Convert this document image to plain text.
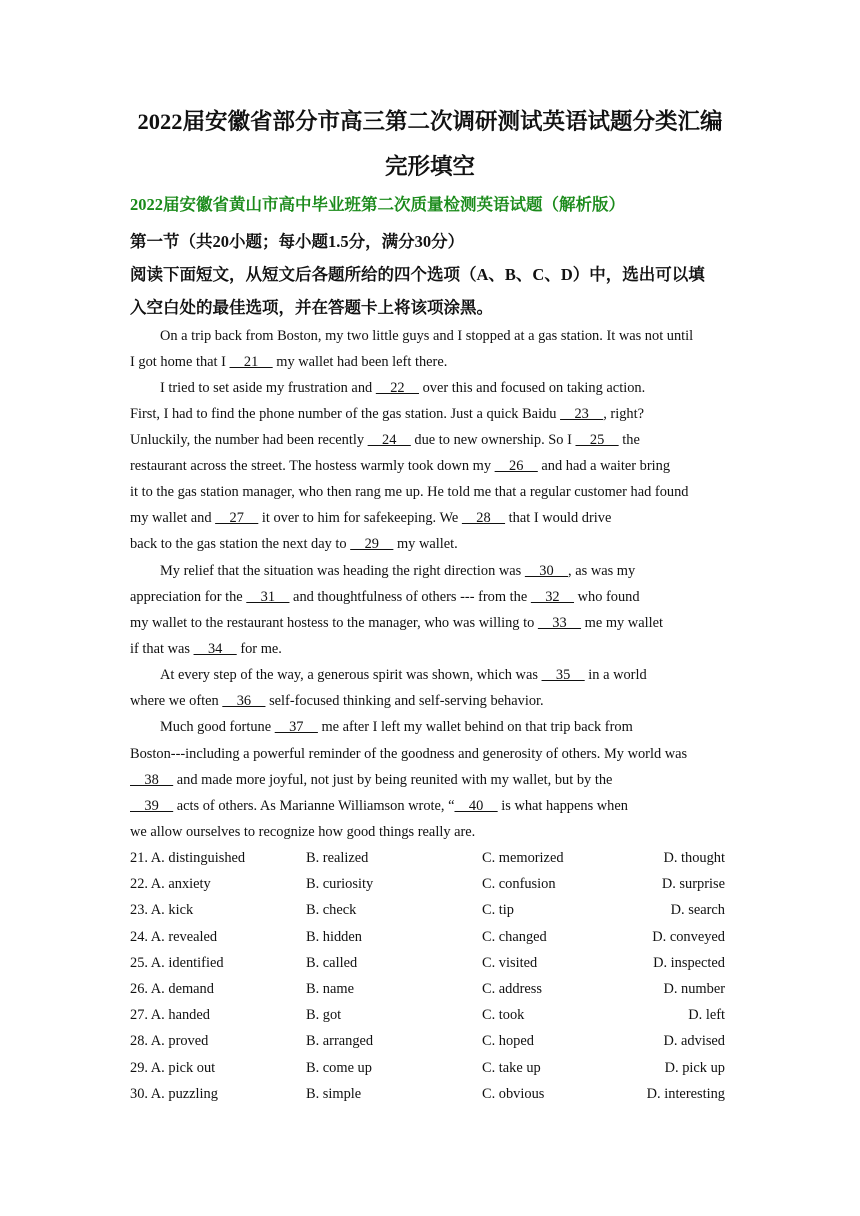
2022届安徽省部分市高三第二次调研测试英语试题分类汇编
完形填空
2022届安徽省黄山市高中毕业班第二次质量检测英语试题（解析版）
第一节（共20小题；每小题1.5分，满分30分）
阅读下面短文，从短文后各题所给的四个选项（A、B、C、D）中，选出可以填
入空白处的最佳选项，并在答题卡上将该项涂黑。
On a trip back from Boston, my two little guys and I stopped at a gas station. It was not until
I got home that I     21     my wallet had been left there.
I tried to set aside my frustration and     22     over this and focused on taking action.
First, I had to find the phone number of the gas station. Just a quick Baidu     23    , right?
Unluckily, the number had been recently     24     due to new ownership. So I     25     the
restaurant across the street. The hostess warmly took down my     26     and had a waiter bring
it to the gas station manager, who then rang me up. He told me that a regular customer had found
my wallet and     27     it over to him for safekeeping. We     28     that I would drive
back to the gas station the next day to     29     my wallet.
My relief that the situation was heading the right direction was     30    , as was my
appreciation for the     31     and thoughtfulness of others --- from the     32     who found
my wallet to the restaurant hostess to the manager, who was willing to     33     me my wallet
if that was     34     for me.
At every step of the way, a generous spirit was shown, which was     35     in a world
where we often     36     self-focused thinking and self-serving behavior.
Much good fortune     37     me after I left my wallet behind on that trip back from
Boston---including a powerful reminder of the goodness and generosity of others. My world was
38     and made more joyful, not just by being reunited with my wallet, but by the
39     acts of others. As Marianne Williamson wrote, “    40     is what happens when
we allow ourselves to recognize how good things really are.
21. A. distinguished	B. realized	C. memorized	D. thought
22. A. anxiety	B. curiosity	C. confusion	D. surprise
23. A. kick	B. check	C. tip	D. search
24. A. revealed	B. hidden	C. changed	D. conveyed
25. A. identified	B. called	C. visited	D. inspected
26. A. demand	B. name	C. address	D. number
27. A. handed	B. got	C. took	D. left
28. A. proved	B. arranged	C. hoped	D. advised
29. A. pick out	B. come up	C. take up	D. pick up
30. A. puzzling	B. simple	C. obvious	D. interesting
